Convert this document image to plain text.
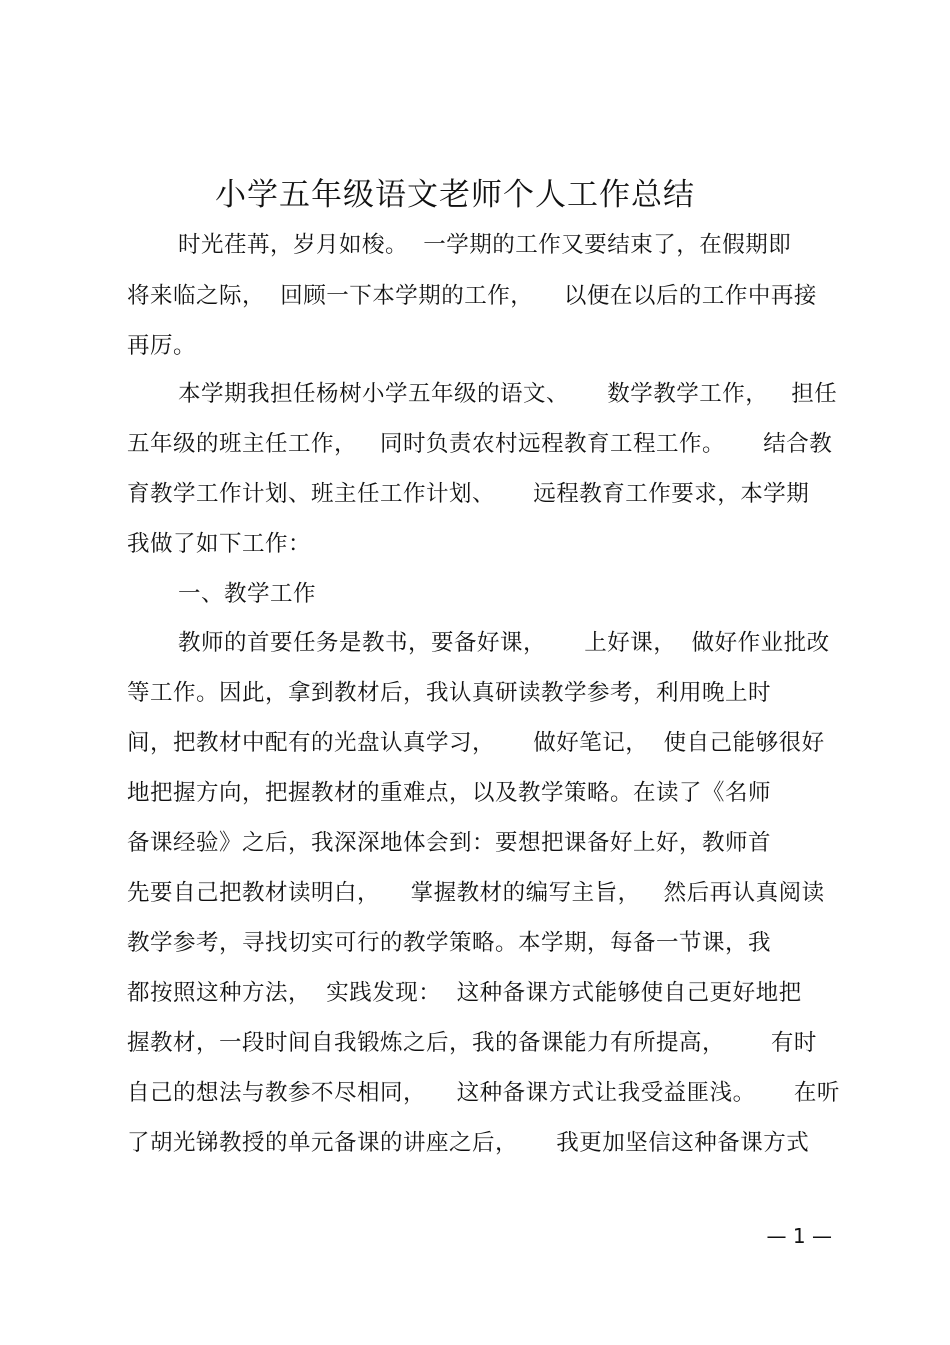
小学五年级语文老师个人工作总结
时光荏苒，岁月如梭。  一学期的工作又要结束了，在假期即
将来临之际，  回顾一下本学期的工作，    以便在以后的工作中再接
再厉。
本学期我担任杨树小学五年级的语文、     数学教学工作，   担任
五年级的班主任工作，   同时负责农村远程教育工程工作。     结合教
育教学工作计划、班主任工作计划、     远程教育工作要求，本学期
我做了如下工作：
一、教学工作
教师的首要任务是教书，要备好课，     上好课，  做好作业批改
等工作。因此，拿到教材后，我认真研读教学参考，利用晚上时
间，把教材中配有的光盘认真学习，     做好笔记，  使自己能够很好
地把握方向，把握教材的重难点，以及教学策略。在读了《名师
备课经验》之后，我深深地体会到：要想把课备好上好，教师首
先要自己把教材读明白，    掌握教材的编写主旨，   然后再认真阅读
教学参考，寻找切实可行的教学策略。本学期，每备一节课，我
都按照这种方法，  实践发现：  这种备课方式能够使自己更好地把
握教材，一段时间自我锻炼之后，我的备课能力有所提高，      有时
自己的想法与教参不尽相同，    这种备课方式让我受益匪浅。     在听
了胡光锑教授的单元备课的讲座之后，     我更加坚信这种备课方式
— 1 —
